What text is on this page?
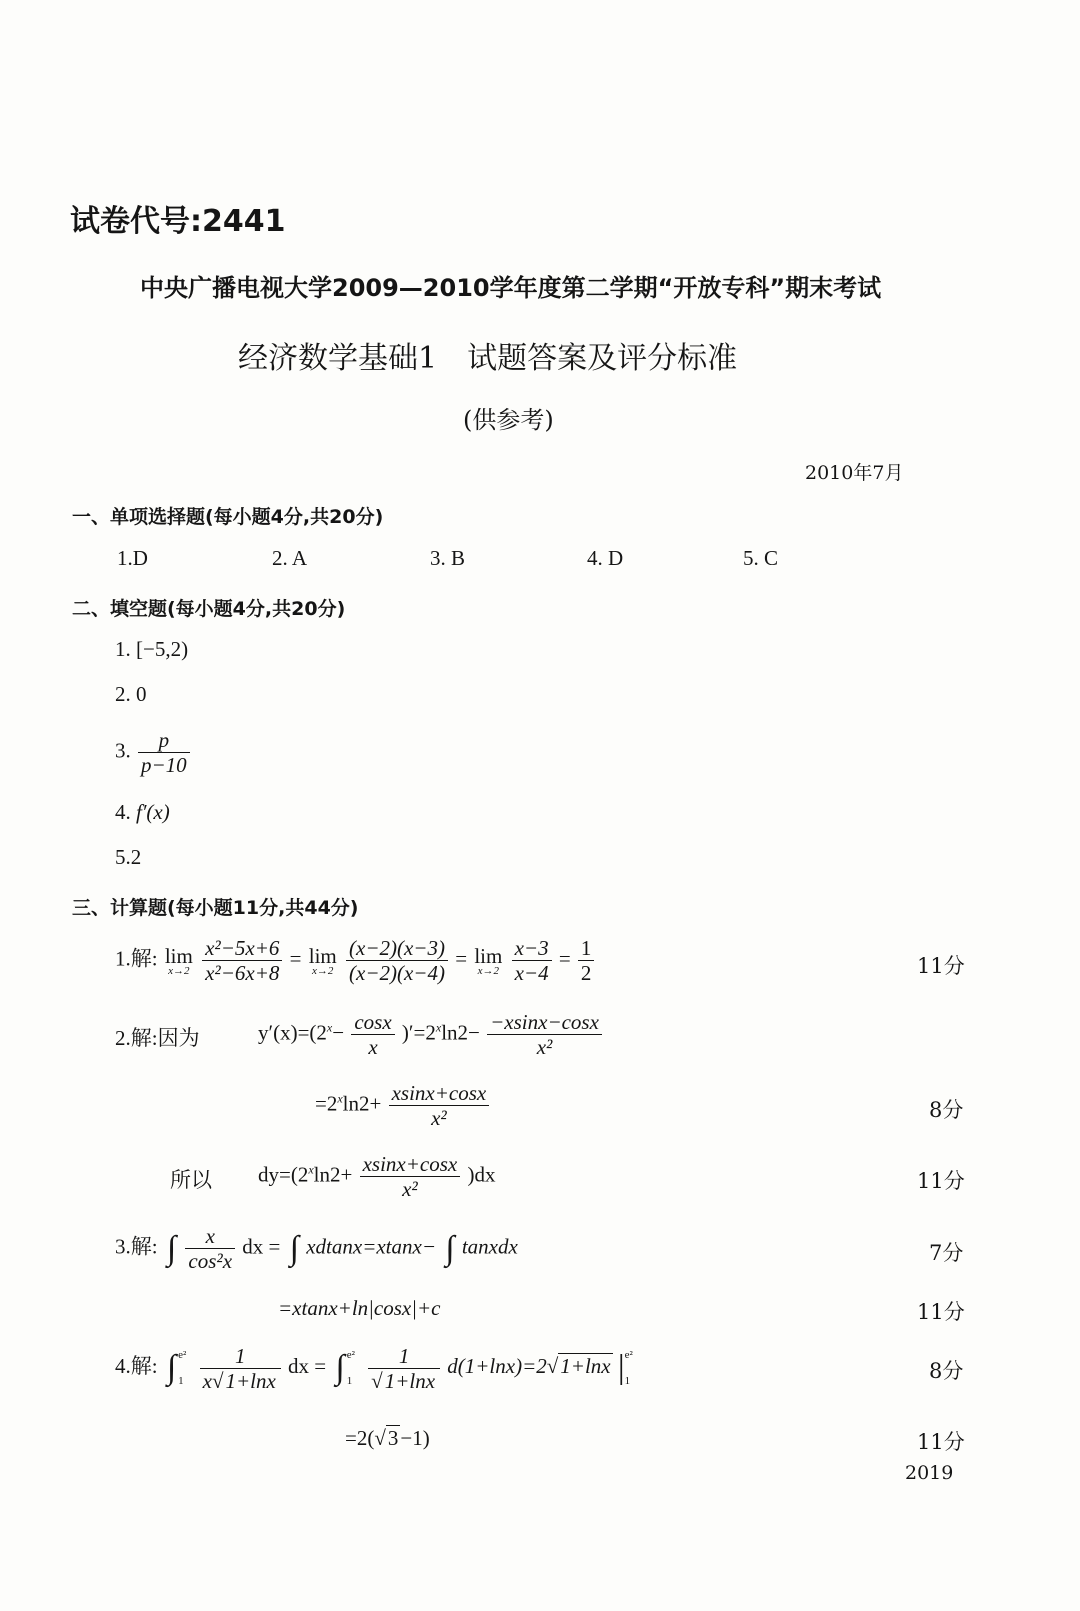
试卷代号:2441
中央广播电视大学2009—2010学年度第二学期“开放专科”期末考试
经济数学基础1　试题答案及评分标准
(供参考)
2010年7月
一、单项选择题(每小题4分,共20分)
1.D	2. A	3. B	4. D	5. C
二、填空题(每小题4分,共20分)
1. [−5,2)
2. 0
3. $\frac{p}{p-10}$
4. f′(x)
5.2
三、计算题(每小题11分,共44分)
1.解: lim
x→2
$\frac{\text{x²−5x+6}}{\text{x²−6x+8}} = \lim$
x→2
$\frac{(x-2)(x-3)}{(x-2)(x-4)} = \lim$
x→2
$\frac{x-3}{x-4} = \frac{1}{2}$	11分
2.解:因为	$y'(x)=(2^x- \frac{\cos x}{x} )'=2^x\ln 2- \frac{-xsinx-\cos x}{\text{x²}}$
$=2^x\ln 2+ \frac{xsinx+\cos x}{\text{x²}}$	8分
所以 $dy=(2^x\ln 2+ \frac{xsinx+\cos x}{\text{x²}} )dx$	11分
3.解: ∫ $\frac{x}{\text{cos²x}}$ dx = ∫ xdtanx=xtanx− ∫ tanxdx	7分
=xtanx+ln|cosx|+c	11分
4.解: ∫ e²
1
$\frac{1}{x√1+\ln x}$ dx = ∫ e²
1
$\frac{1}{√1+\ln x} d(1+\ln x)=2√1+\ln x$ | e²
1	8分
=2(√3−1)	11分
2019
